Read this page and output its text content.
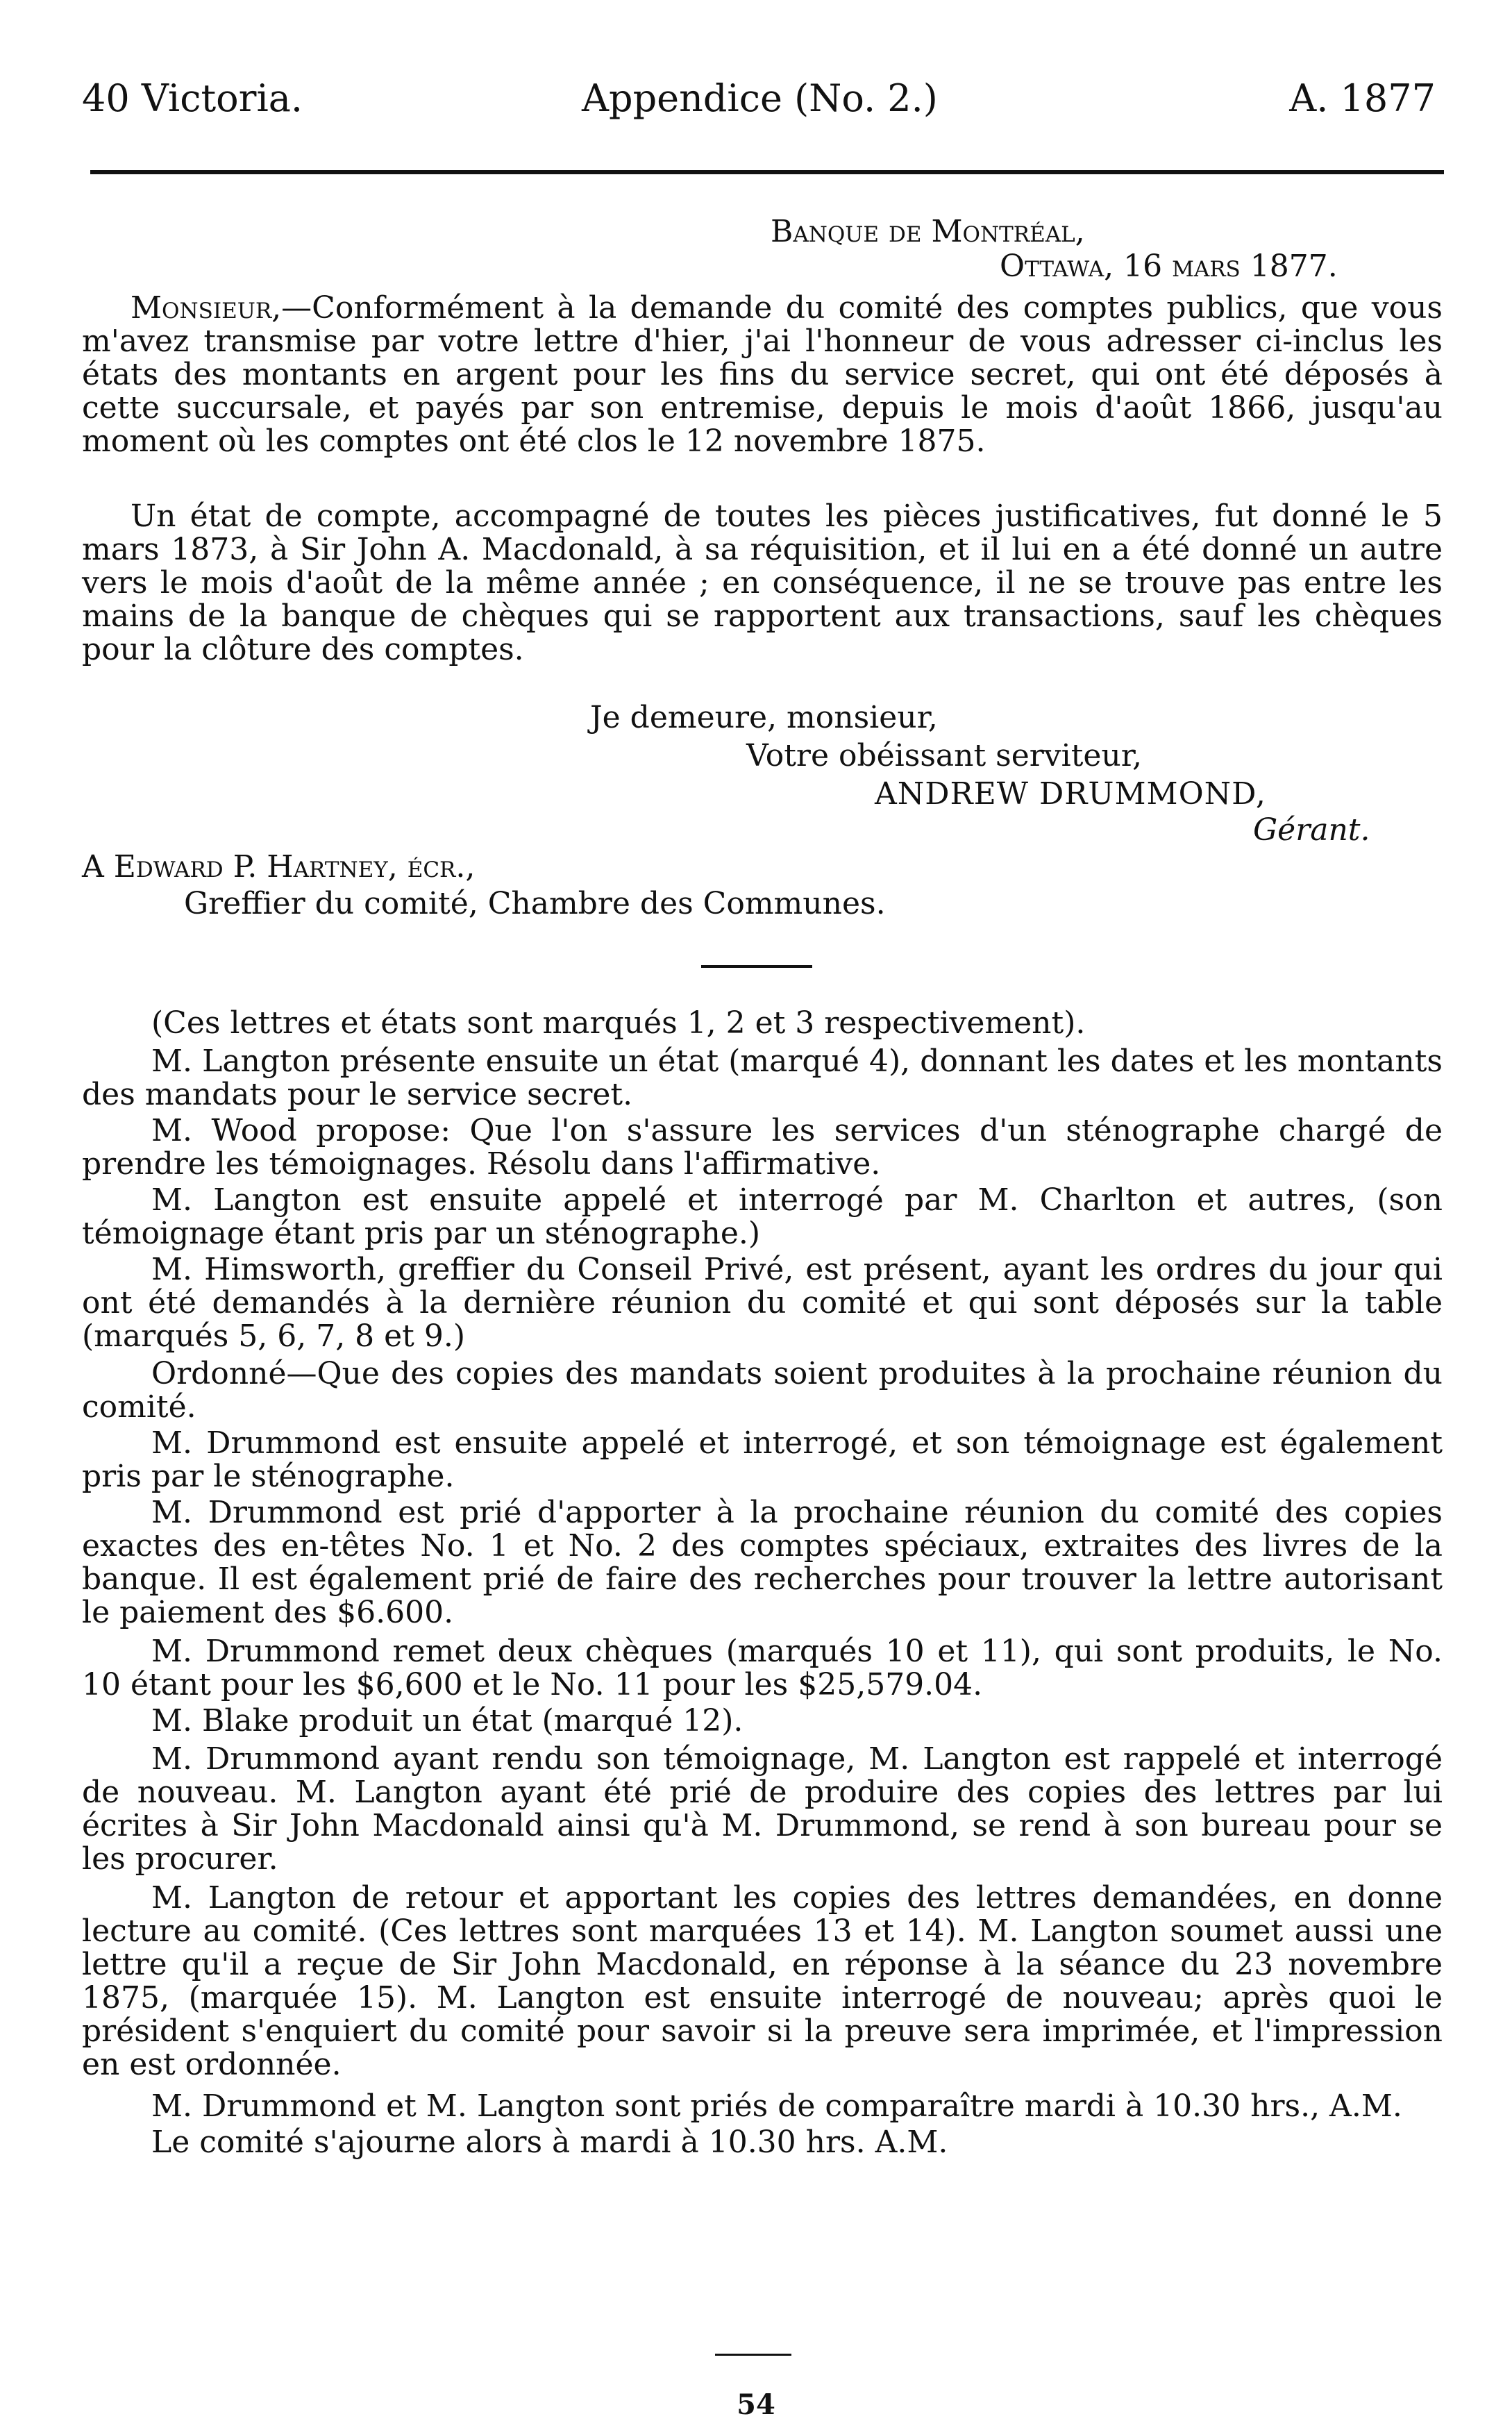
40 Victoria.	Appendice (No. 2.)	A. 1877
Banque de Montréal,
Ottawa, 16 mars 1877.
Monsieur,—Conformément à la demande du comité des comptes publics, que vous m'avez transmise par votre lettre d'hier, j'ai l'honneur de vous adresser ci-inclus les états des montants en argent pour les fins du service secret, qui ont été déposés à cette succursale, et payés par son entremise, depuis le mois d'août 1866, jusqu'au moment où les comptes ont été clos le 12 novembre 1875.
Un état de compte, accompagné de toutes les pièces justificatives, fut donné le 5 mars 1873, à Sir John A. Macdonald, à sa réquisition, et il lui en a été donné un autre vers le mois d'août de la même année ; en conséquence, il ne se trouve pas entre les mains de la banque de chèques qui se rapportent aux transactions, sauf les chèques pour la clôture des comptes.
Je demeure, monsieur,
Votre obéissant serviteur,
ANDREW DRUMMOND,
Gérant.
A Edward P. Hartney, écr.,
Greffier du comité, Chambre des Communes.
(Ces lettres et états sont marqués 1, 2 et 3 respectivement).
M. Langton présente ensuite un état (marqué 4), donnant les dates et les montants des mandats pour le service secret.
M. Wood propose: Que l'on s'assure les services d'un sténographe chargé de prendre les témoignages. Résolu dans l'affirmative.
M. Langton est ensuite appelé et interrogé par M. Charlton et autres, (son témoignage étant pris par un sténographe.)
M. Himsworth, greffier du Conseil Privé, est présent, ayant les ordres du jour qui ont été demandés à la dernière réunion du comité et qui sont déposés sur la table (marqués 5, 6, 7, 8 et 9.)
Ordonné—Que des copies des mandats soient produites à la prochaine réunion du comité.
M. Drummond est ensuite appelé et interrogé, et son témoignage est également pris par le sténographe.
M. Drummond est prié d'apporter à la prochaine réunion du comité des copies exactes des en-têtes No. 1 et No. 2 des comptes spéciaux, extraites des livres de la banque. Il est également prié de faire des recherches pour trouver la lettre autorisant le paiement des $6.600.
M. Drummond remet deux chèques (marqués 10 et 11), qui sont produits, le No. 10 étant pour les $6,600 et le No. 11 pour les $25,579.04.
M. Blake produit un état (marqué 12).
M. Drummond ayant rendu son témoignage, M. Langton est rappelé et interrogé de nouveau. M. Langton ayant été prié de produire des copies des lettres par lui écrites à Sir John Macdonald ainsi qu'à M. Drummond, se rend à son bureau pour se les procurer.
M. Langton de retour et apportant les copies des lettres demandées, en donne lecture au comité. (Ces lettres sont marquées 13 et 14). M. Langton soumet aussi une lettre qu'il a reçue de Sir John Macdonald, en réponse à la séance du 23 novembre 1875, (marquée 15). M. Langton est ensuite interrogé de nouveau; après quoi le président s'enquiert du comité pour savoir si la preuve sera imprimée, et l'impression en est ordonnée.
M. Drummond et M. Langton sont priés de comparaître mardi à 10.30 hrs., A.M.
Le comité s'ajourne alors à mardi à 10.30 hrs. A.M.
54
